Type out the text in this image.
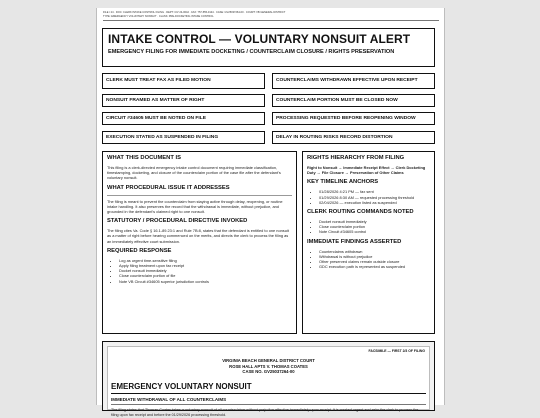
FILE / 24 · DOC: CLERK INTAKE CONTROL FILING · DEPT: CIV 24-0042 · FAX: 757-555-0144 · CASE: GV25037264-00 · COURT: VB GENERAL DISTRICT
TYPE: EMERGENCY VOLUNTARY NONSUIT · CLASS: PRE-DOCKETING INTAKE CONTROL
INTAKE CONTROL — VOLUNTARY NONSUIT ALERT
EMERGENCY FILING FOR IMMEDIATE DOCKETING / COUNTERCLAIM CLOSURE / RIGHTS PRESERVATION
CLERK MUST TREAT FAX AS FILED MOTION	COUNTERCLAIMS WITHDRAWN EFFECTIVE UPON RECEIPT
NONSUIT FRAMED AS MATTER OF RIGHT	COUNTERCLAIM PORTION MUST BE CLOSED NOW
CIRCUIT #34605 MUST BE NOTED ON FILE	PROCESSING REQUESTED BEFORE REOPENING WINDOW
EXECUTION STATED AS SUSPENDED IN FILING	DELAY IN ROUTING RISKS RECORD DISTORTION
WHAT THIS DOCUMENT IS

This filing is a clerk-directed emergency intake control document requiring immediate classification, timestamping, docketing, and closure of the counterclaim portion of the case file after the defendant's voluntary nonsuit.

WHAT PROCEDURAL ISSUE IT ADDRESSES

The filing is meant to prevent the counterclaim from staying active through delay, reopening, or routine intake handling. It also preserves the record that the withdrawal is immediate, without prejudice, and grounded in the defendant's claimed right to one nonsuit.

STATUTORY / PROCEDURAL DIRECTIVE INVOKED

The filing cites Va. Code § 16.1-89.23:1 and Rule 7B:8, states that the defendant is entitled to one nonsuit as a matter of right before hearing commenced on the merits, and directs the clerk to process the filing as an immediately effective court submission.

REQUIRED RESPONSE
• Log as urgent time-sensitive filing
• Apply filing treatment upon fax receipt
• Docket nonsuit immediately
• Close counterclaim portion of file
• Note VB Circuit #34605 superior jurisdiction controls
RIGHTS HIERARCHY FROM FILING

Right to Nonsuit → Immediate Receipt Effect → Clerk Docketing Duty → File Closure → Preservation of Other Claims

KEY TIMELINE ANCHORS
• 01/28/2026 4:21 PM — fax sent
• 01/29/2026 8:30 AM — requested processing threshold
• 02/04/2026 — execution listed as suspended
CLERK ROUTING COMMANDS NOTED
• Docket nonsuit immediately
• Close counterclaim portion
• Note Circuit #34605 control
IMMEDIATE FINDINGS ASSERTED
• Counterclaims withdrawn
• Withdrawal is without prejudice
• Other preserved claims remain outside closure
• GDC execution path is represented as suspended
FACSIMILE — FIRST 2/3 OF FILING
VIRGINIA BEACH GENERAL DISTRICT COURT
ROSE HALL APTS V. THOMAS COATES
CASE NO. GV25037264-00
EMERGENCY VOLUNTARY NONSUIT
IMMEDIATE WITHDRAWAL OF ALL COUNTERCLAIMS
The filing states that Thomas Coates takes a voluntary nonsuit of all counterclaims without prejudice effective immediately upon receipt. It is marked urgent and asks the clerk to process the filing upon fax receipt and before the 01/29/2026 processing threshold.
